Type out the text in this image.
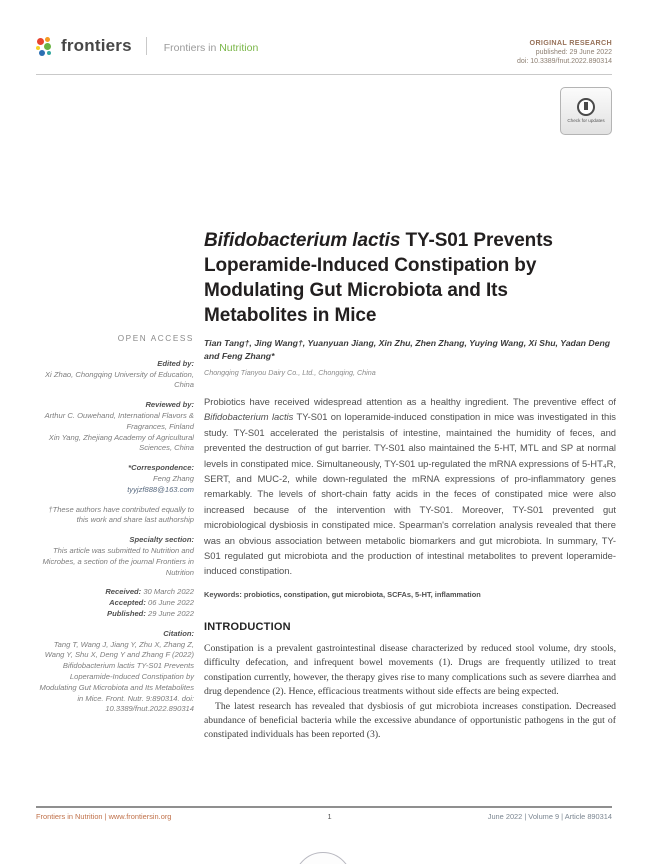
frontiers	Frontiers in Nutrition	ORIGINAL RESEARCH
published: 29 June 2022
doi: 10.3389/fnut.2022.890314
Check for updates
OPEN ACCESS
Edited by:
Xi Zhao, Chongqing University of Education, China
Reviewed by:
Arthur C. Ouwehand, International Flavors & Fragrances, Finland
Xin Yang, Zhejiang Academy of Agricultural Sciences, China
*Correspondence:
Feng Zhang
tyyjzf888@163.com
†These authors have contributed equally to this work and share last authorship
Specialty section:
This article was submitted to Nutrition and Microbes, a section of the journal Frontiers in Nutrition
Received: 30 March 2022
Accepted: 06 June 2022
Published: 29 June 2022
Citation:
Tang T, Wang J, Jiang Y, Zhu X, Zhang Z, Wang Y, Shu X, Deng Y and Zhang F (2022) Bifidobacterium lactis TY-S01 Prevents Loperamide-Induced Constipation by Modulating Gut Microbiota and Its Metabolites in Mice. Front. Nutr. 9:890314. doi: 10.3389/fnut.2022.890314
Bifidobacterium lactis TY-S01 Prevents Loperamide-Induced Constipation by Modulating Gut Microbiota and Its Metabolites in Mice
Tian Tang†, Jing Wang†, Yuanyuan Jiang, Xin Zhu, Zhen Zhang, Yuying Wang, Xi Shu, Yadan Deng and Feng Zhang*
Chongqing Tianyou Dairy Co., Ltd., Chongqing, China
Probiotics have received widespread attention as a healthy ingredient. The preventive effect of Bifidobacterium lactis TY-S01 on loperamide-induced constipation in mice was investigated in this study. TY-S01 accelerated the peristalsis of intestine, maintained the humidity of feces, and prevented the destruction of gut barrier. TY-S01 also maintained the 5-HT, MTL and SP at normal levels in constipated mice. Simultaneously, TY-S01 up-regulated the mRNA expressions of 5-HT₄R, SERT, and MUC-2, while down-regulated the mRNA expressions of pro-inflammatory genes remarkably. The levels of short-chain fatty acids in the feces of constipated mice were also increased because of the intervention with TY-S01. Moreover, TY-S01 prevented gut microbiological dysbiosis in constipated mice. Spearman's correlation analysis revealed that there was an obvious association between metabolic biomarkers and gut microbiota. In summary, TY-S01 regulated gut microbiota and the production of intestinal metabolites to prevent loperamide-induced constipation.
Keywords: probiotics, constipation, gut microbiota, SCFAs, 5-HT, inflammation
INTRODUCTION

Constipation is a prevalent gastrointestinal disease characterized by reduced stool volume, dry stools, difficulty defecation, and infrequent bowel movements (1). Drugs are frequently utilized to treat constipation currently, however, the therapy gives rise to many complications such as severe diarrhea and drug dependence (2). Hence, efficacious treatments without side effects are being expected.

The latest research has revealed that dysbiosis of gut microbiota increases constipation. Decreased abundance of beneficial bacteria while the excessive abundance of opportunistic pathogens in the gut of constipated individuals has been reported (3).

Frontiers in Nutrition | www.frontiersin.org	1	June 2022 | Volume 9 | Article 890314
